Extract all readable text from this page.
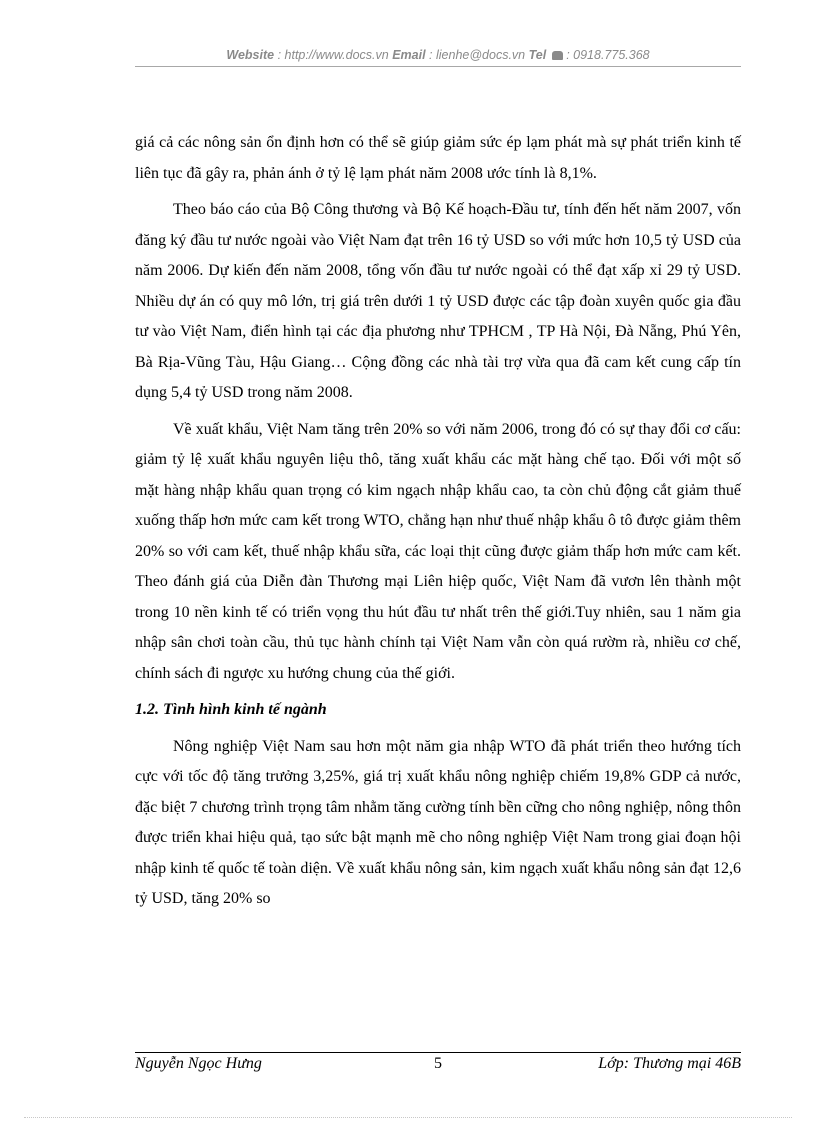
Website : http://www.docs.vn Email : lienhe@docs.vn Tel  : 0918.775.368

giá cả các nông sản ổn định hơn có thể sẽ giúp giảm sức ép lạm phát mà sự phát triển kinh tế liên tục đã gây ra, phản ánh ở tỷ lệ lạm phát năm 2008 ước tính là 8,1%.

Theo báo cáo của Bộ Công thương và Bộ Kế hoạch-Đầu tư, tính đến hết năm 2007, vốn đăng ký đầu tư nước ngoài vào Việt Nam đạt trên 16 tỷ USD so với mức hơn 10,5 tỷ USD của năm 2006. Dự kiến đến năm 2008, tổng vốn đầu tư nước ngoài có thể đạt xấp xỉ 29 tỷ USD. Nhiều dự án có quy mô lớn, trị giá trên dưới 1 tỷ USD được các tập đoàn xuyên quốc gia đầu tư vào Việt Nam, điển hình tại các địa phương như TPHCM , TP Hà Nội, Đà Nẵng, Phú Yên, Bà Rịa-Vũng Tàu, Hậu Giang… Cộng đồng các nhà tài trợ vừa qua đã cam kết cung cấp tín dụng 5,4 tỷ USD trong năm 2008.

Về xuất khẩu, Việt Nam tăng trên 20% so với năm 2006, trong đó có sự thay đổi cơ cấu: giảm tỷ lệ xuất khẩu nguyên liệu thô, tăng xuất khẩu các mặt hàng chế tạo. Đối với một số mặt hàng nhập khẩu quan trọng có kim ngạch nhập khẩu cao, ta còn chủ động cắt giảm thuế xuống thấp hơn mức cam kết trong WTO, chẳng hạn như thuế nhập khẩu ô tô được giảm thêm 20% so với cam kết, thuế nhập khẩu sữa, các loại thịt cũng được giảm thấp hơn mức cam kết. Theo đánh giá của Diễn đàn Thương mại Liên hiệp quốc, Việt Nam đã vươn lên thành một trong 10 nền kinh tế có triển vọng thu hút đầu tư nhất trên thế giới.Tuy nhiên, sau 1 năm gia nhập sân chơi toàn cầu, thủ tục hành chính tại Việt Nam vẫn còn quá rườm rà, nhiều cơ chế, chính sách đi ngược xu hướng chung của thế giới.

1.2. Tình hình kinh tế ngành

Nông nghiệp Việt Nam sau hơn một năm gia nhập WTO đã phát triển theo hướng tích cực với tốc độ tăng trưởng 3,25%, giá trị xuất khẩu nông nghiệp chiếm 19,8% GDP cả nước, đặc biệt 7 chương trình trọng tâm nhằm tăng cường tính bền cững cho nông nghiệp, nông thôn được triển khai hiệu quả, tạo sức bật mạnh mẽ cho nông nghiệp Việt Nam trong giai đoạn hội nhập kinh tế quốc tế toàn diện. Về xuất khẩu nông sản, kim ngạch xuất khẩu nông sản đạt 12,6 tỷ USD, tăng 20% so

Nguyễn Ngọc Hưng	5	Lớp: Thương mại 46B
